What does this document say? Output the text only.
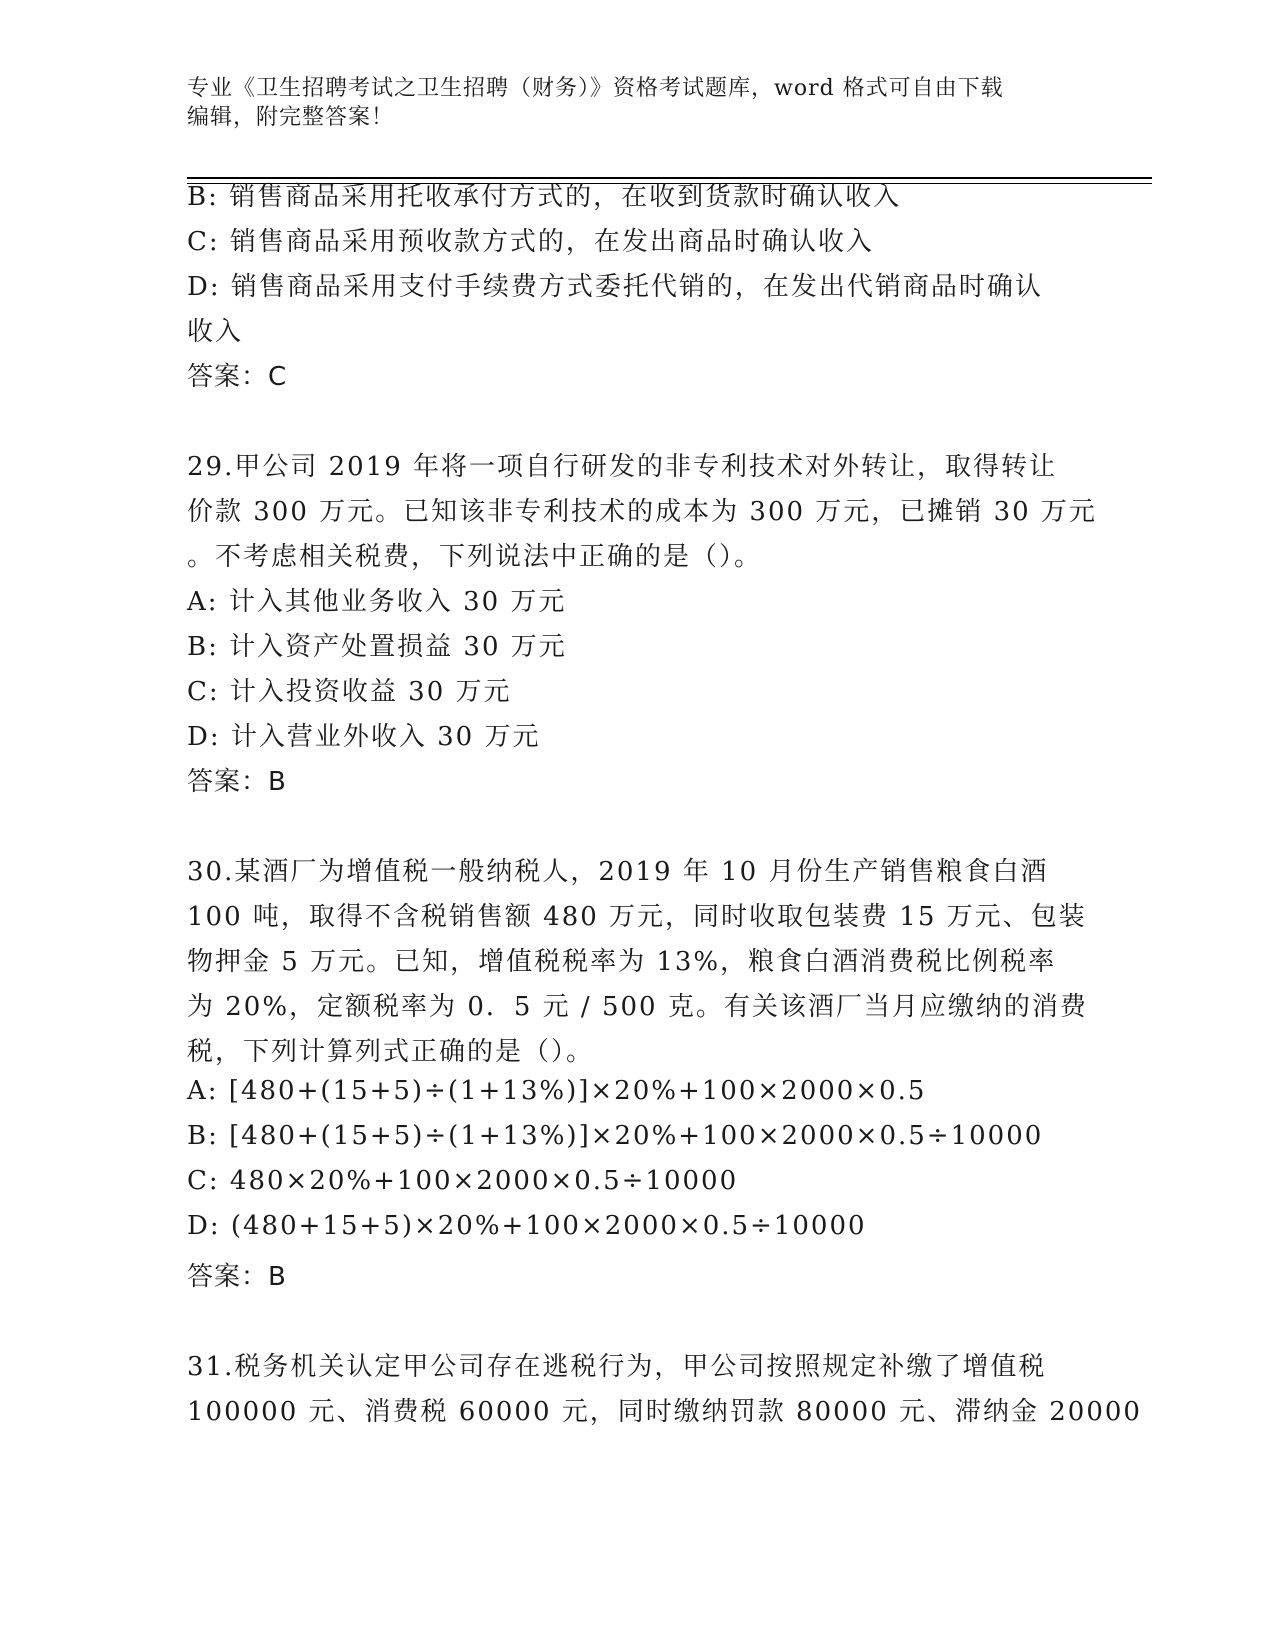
专业《卫生招聘考试之卫生招聘（财务）》资格考试题库，word 格式可自由下载
编辑，附完整答案！
B: 销售商品采用托收承付方式的，在收到货款时确认收入
C: 销售商品采用预收款方式的，在发出商品时确认收入
D: 销售商品采用支付手续费方式委托代销的，在发出代销商品时确认
收入
答案：C
29.甲公司 2019 年将一项自行研发的非专利技术对外转让，取得转让
价款 300 万元。已知该非专利技术的成本为 300 万元，已摊销 30 万元
。不考虑相关税费，下列说法中正确的是（）。
A: 计入其他业务收入 30 万元
B: 计入资产处置损益 30 万元
C: 计入投资收益 30 万元
D: 计入营业外收入 30 万元
答案：B
30.某酒厂为增值税一般纳税人，2019 年 10 月份生产销售粮食白酒
100 吨，取得不含税销售额 480 万元，同时收取包装费 15 万元、包装
物押金 5 万元。已知，增值税税率为 13%，粮食白酒消费税比例税率
为 20%，定额税率为 0．5 元 / 500 克。有关该酒厂当月应缴纳的消费
税，下列计算列式正确的是（）。
A: [480+(15+5)÷(1+13%)]×20%+100×2000×0.5
B: [480+(15+5)÷(1+13%)]×20%+100×2000×0.5÷10000
C: 480×20%+100×2000×0.5÷10000
D: (480+15+5)×20%+100×2000×0.5÷10000
答案：B
31.税务机关认定甲公司存在逃税行为，甲公司按照规定补缴了增值税
100000 元、消费税 60000 元，同时缴纳罚款 80000 元、滞纳金 20000
